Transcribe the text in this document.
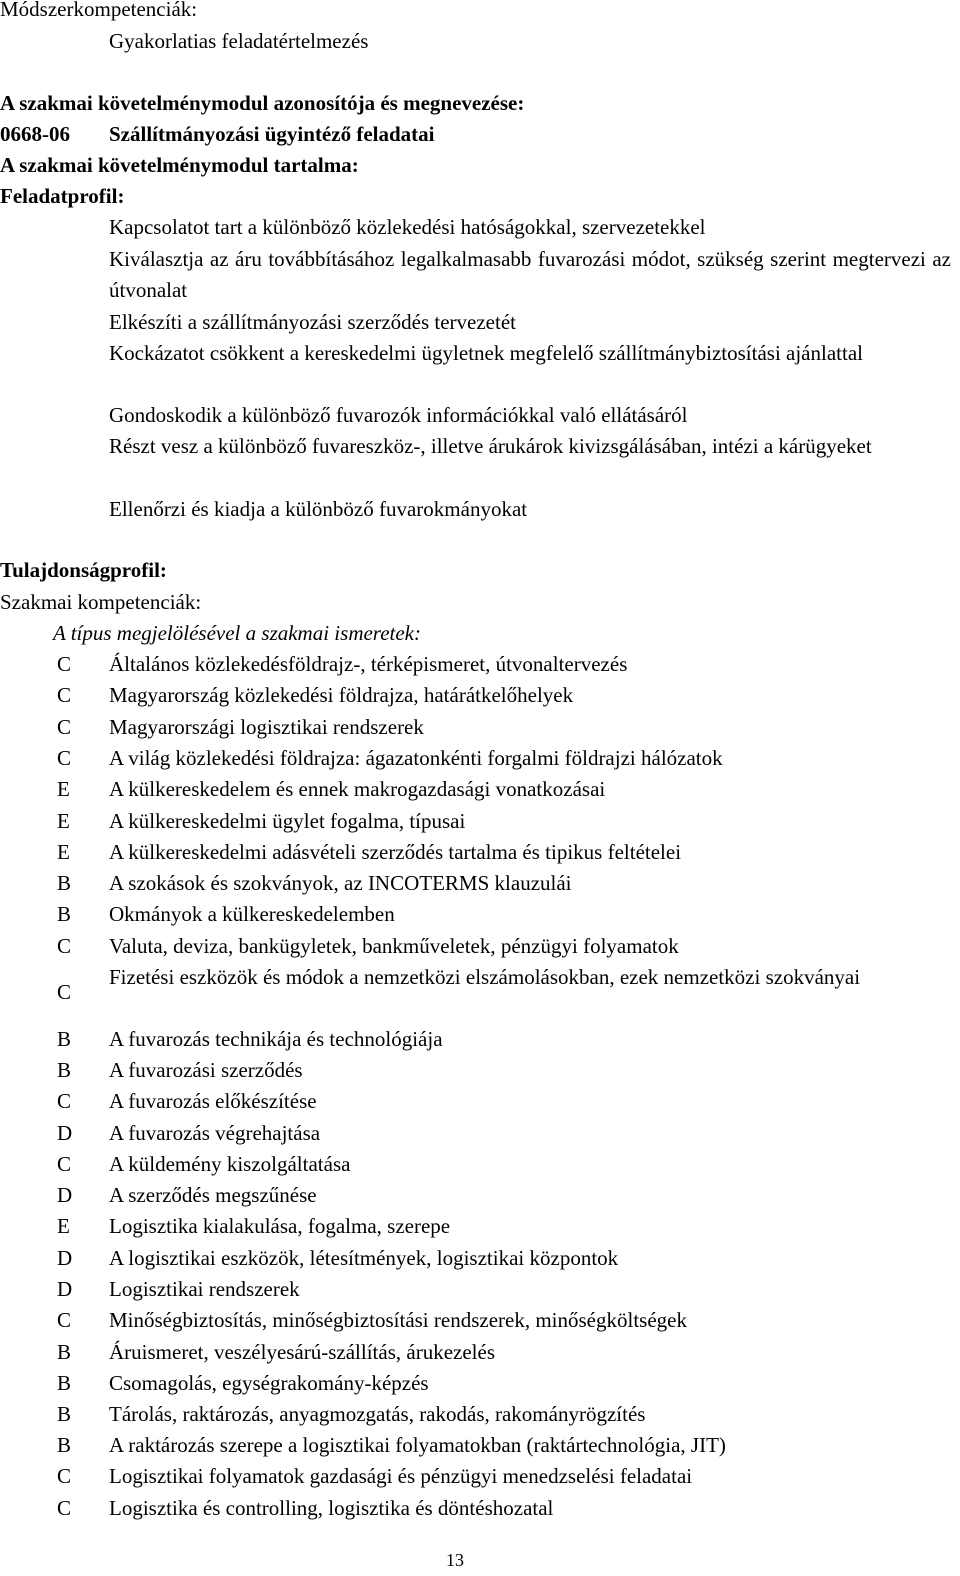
Módszerkompetenciák:
Gyakorlatias feladatértelmezés
A szakmai követelménymodul azonosítója és megnevezése:
0668-06 Szállítmányozási ügyintéző feladatai
A szakmai követelménymodul tartalma:
Feladatprofil:
Kapcsolatot tart a különböző közlekedési hatóságokkal, szervezetekkel
Kiválasztja az áru továbbításához legalkalmasabb fuvarozási módot, szükség szerint megtervezi az útvonalat
Elkészíti a szállítmányozási szerződés tervezetét
Kockázatot csökkent a kereskedelmi ügyletnek megfelelő szállítmánybiztosítási ajánlattal
Gondoskodik a különböző fuvarozók információkkal való ellátásáról
Részt vesz a különböző fuvareszköz-, illetve árukárok kivizsgálásában, intézi a kárügyeket
Ellenőrzi és kiadja a különböző fuvarokmányokat
Tulajdonságprofil:
Szakmai kompetenciák:
A típus megjelölésével a szakmai ismeretek:
C Általános közlekedésföldrajz-, térképismeret, útvonaltervezés
C Magyarország közlekedési földrajza, határátkelőhelyek
C Magyarországi logisztikai rendszerek
C A világ közlekedési földrajza: ágazatonkénti forgalmi földrajzi hálózatok
E A külkereskedelem és ennek makrogazdasági vonatkozásai
E A külkereskedelmi ügylet fogalma, típusai
E A külkereskedelmi adásvételi szerződés tartalma és tipikus feltételei
B A szokások és szokványok, az INCOTERMS klauzulái
B Okmányok a külkereskedelemben
C Valuta, deviza, bankügyletek, bankműveletek, pénzügyi folyamatok
C
Fizetési eszközök és módok a nemzetközi elszámolásokban, ezek nemzetközi szokványai
B A fuvarozás technikája és technológiája
B A fuvarozási szerződés
C A fuvarozás előkészítése
D A fuvarozás végrehajtása
C A küldemény kiszolgáltatása
D A szerződés megszűnése
E Logisztika kialakulása, fogalma, szerepe
D A logisztikai eszközök, létesítmények, logisztikai központok
D Logisztikai rendszerek
C Minőségbiztosítás, minőségbiztosítási rendszerek, minőségköltségek
B Áruismeret, veszélyesárú-szállítás, árukezelés
B Csomagolás, egységrakomány-képzés
B Tárolás, raktározás, anyagmozgatás, rakodás, rakományrögzítés
B A raktározás szerepe a logisztikai folyamatokban (raktártechnológia, JIT)
C Logisztikai folyamatok gazdasági és pénzügyi menedzselési feladatai
C Logisztika és controlling, logisztika és döntéshozatal
13
